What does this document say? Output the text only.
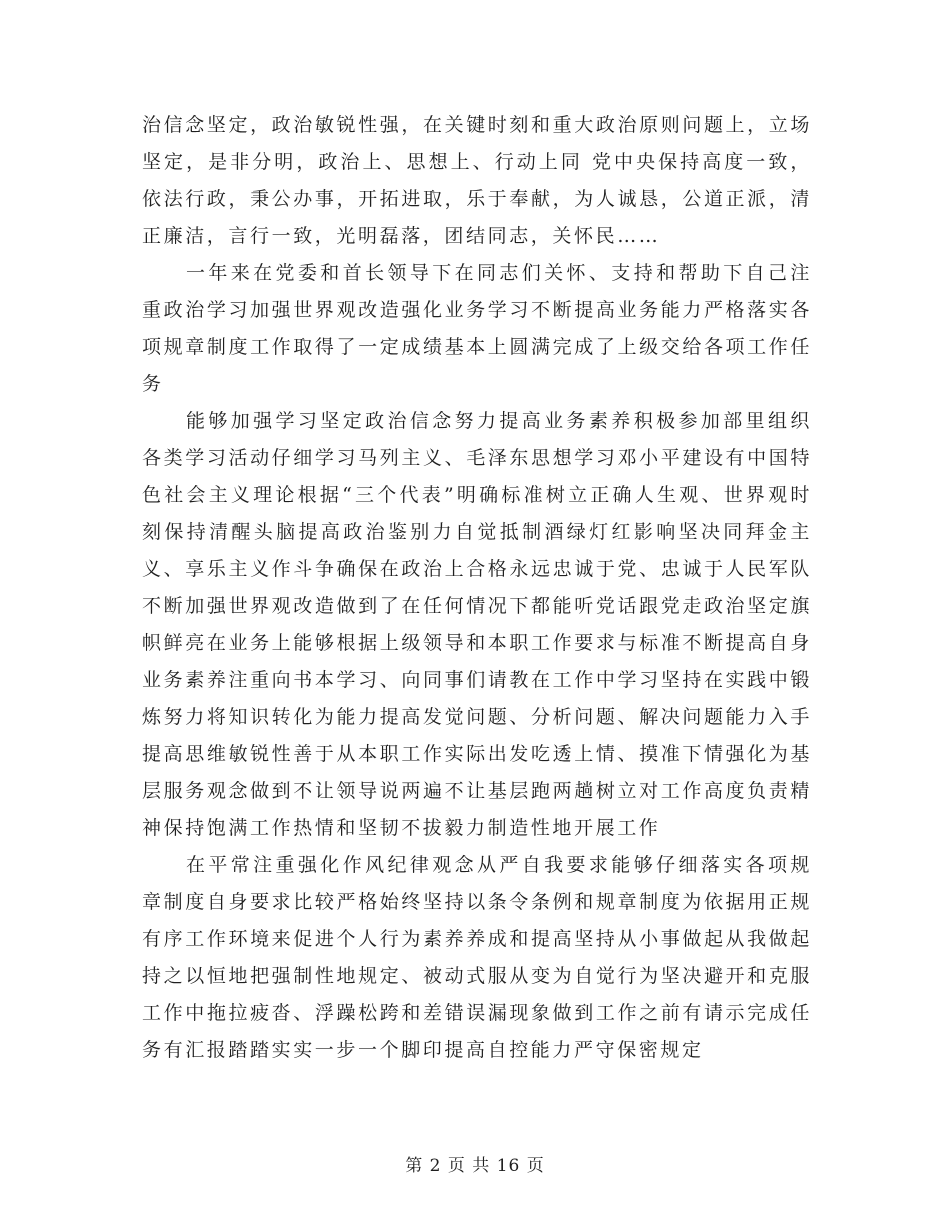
治信念坚定，政治敏锐性强，在关键时刻和重大政治原则问题上，立场坚定，是非分明，政治上、思想上、行动上同 党中央保持高度一致，依法行政，秉公办事，开拓进取，乐于奉献，为人诚恳，公道正派，清正廉洁，言行一致，光明磊落，团结同志，关怀民……

一年来在党委和首长领导下在同志们关怀、支持和帮助下自己注重政治学习加强世界观改造强化业务学习不断提高业务能力严格落实各项规章制度工作取得了一定成绩基本上圆满完成了上级交给各项工作任务

能够加强学习坚定政治信念努力提高业务素养积极参加部里组织各类学习活动仔细学习马列主义、毛泽东思想学习邓小平建设有中国特色社会主义理论根据“三个代表”明确标准树立正确人生观、世界观时刻保持清醒头脑提高政治鉴别力自觉抵制酒绿灯红影响坚决同拜金主义、享乐主义作斗争确保在政治上合格永远忠诚于党、忠诚于人民军队不断加强世界观改造做到了在任何情况下都能听党话跟党走政治坚定旗帜鲜亮在业务上能够根据上级领导和本职工作要求与标准不断提高自身业务素养注重向书本学习、向同事们请教在工作中学习坚持在实践中锻炼努力将知识转化为能力提高发觉问题、分析问题、解决问题能力入手提高思维敏锐性善于从本职工作实际出发吃透上情、摸准下情强化为基层服务观念做到不让领导说两遍不让基层跑两趟树立对工作高度负责精神保持饱满工作热情和坚韧不拔毅力制造性地开展工作

在平常注重强化作风纪律观念从严自我要求能够仔细落实各项规章制度自身要求比较严格始终坚持以条令条例和规章制度为依据用正规有序工作环境来促进个人行为素养养成和提高坚持从小事做起从我做起持之以恒地把强制性地规定、被动式服从变为自觉行为坚决避开和克服工作中拖拉疲沓、浮躁松跨和差错误漏现象做到工作之前有请示完成任务有汇报踏踏实实一步一个脚印提高自控能力严守保密规定

第 2 页 共 16 页
